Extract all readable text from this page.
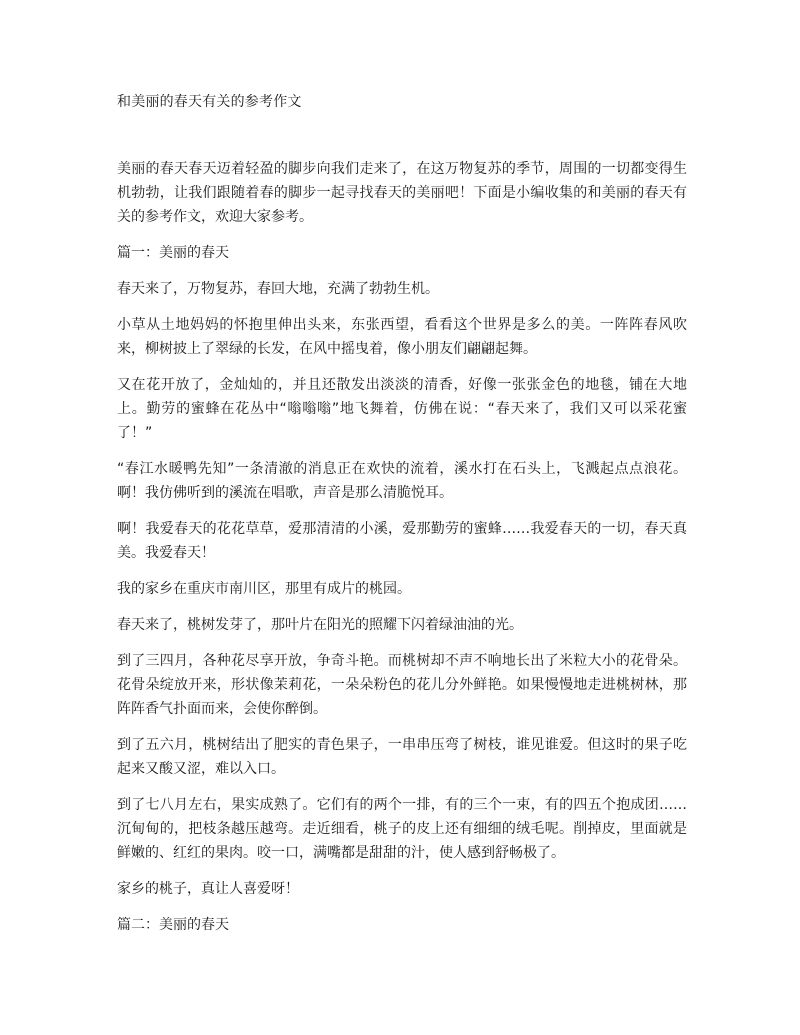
和美丽的春天有关的参考作文

美丽的春天春天迈着轻盈的脚步向我们走来了，在这万物复苏的季节，周围的一切都变得生机勃勃，让我们跟随着春的脚步一起寻找春天的美丽吧！下面是小编收集的和美丽的春天有关的参考作文，欢迎大家参考。

篇一：美丽的春天

春天来了，万物复苏，春回大地，充满了勃勃生机。

小草从土地妈妈的怀抱里伸出头来，东张西望，看看这个世界是多么的美。一阵阵春风吹来，柳树披上了翠绿的长发，在风中摇曳着，像小朋友们翩翩起舞。

又在花开放了，金灿灿的，并且还散发出淡淡的清香，好像一张张金色的地毯，铺在大地上。勤劳的蜜蜂在花丛中“嗡嗡嗡”地飞舞着，仿佛在说：“春天来了，我们又可以采花蜜了！”

“春江水暖鸭先知”一条清澈的消息正在欢快的流着，溪水打在石头上，飞溅起点点浪花。啊！我仿佛听到的溪流在唱歌，声音是那么清脆悦耳。

啊！我爱春天的花花草草，爱那清清的小溪，爱那勤劳的蜜蜂……我爱春天的一切，春天真美。我爱春天！

我的家乡在重庆市南川区，那里有成片的桃园。

春天来了，桃树发芽了，那叶片在阳光的照耀下闪着绿油油的光。

到了三四月，各种花尽享开放，争奇斗艳。而桃树却不声不响地长出了米粒大小的花骨朵。花骨朵绽放开来，形状像茉莉花，一朵朵粉色的花儿分外鲜艳。如果慢慢地走进桃树林，那阵阵香气扑面而来，会使你醉倒。

到了五六月，桃树结出了肥实的青色果子，一串串压弯了树枝，谁见谁爱。但这时的果子吃起来又酸又涩，难以入口。

到了七八月左右，果实成熟了。它们有的两个一排，有的三个一束，有的四五个抱成团……沉甸甸的，把枝条越压越弯。走近细看，桃子的皮上还有细细的绒毛呢。削掉皮，里面就是鲜嫩的、红红的果肉。咬一口，满嘴都是甜甜的汁，使人感到舒畅极了。

家乡的桃子，真让人喜爱呀！

篇二：美丽的春天
